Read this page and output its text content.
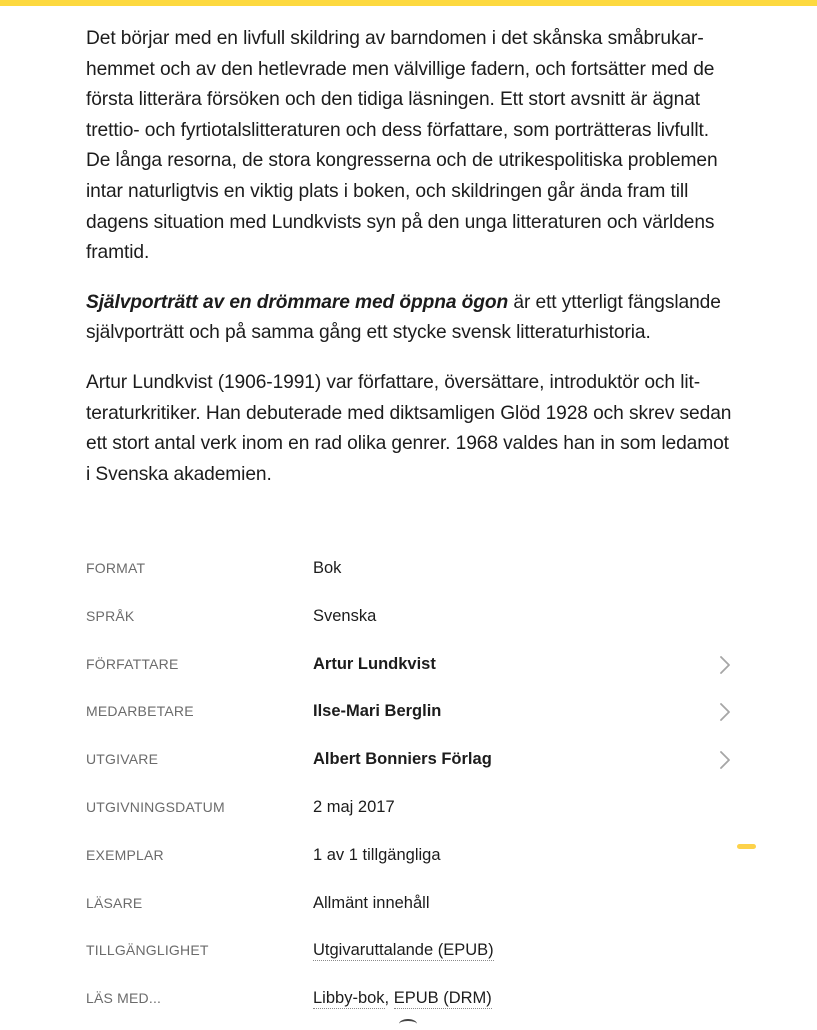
Det börjar med en livfull skildring av barndomen i det skånska småbrukarhemmet och av den hetlevrade men välvillige fadern, och fortsätter med de första litterära försöken och den tidiga läsningen. Ett stort avsnitt är ägnat trettio- och fyrtiotalslitteraturen och dess författare, som porträtteras livfullt. De långa resorna, de stora kongresserna och de utrikespolitiska problemen intar naturligtvis en viktig plats i boken, och skildringen går ända fram till dagens situation med Lundkvists syn på den unga litteraturen och världens framtid.

Självporträtt av en drömmare med öppna ögon är ett ytterligt fängslande självporträtt och på samma gång ett stycke svensk litteraturhistoria.

Artur Lundkvist (1906-1991) var författare, översättare, introduktör och litteraturkritiker. Han debuterade med diktsamligen Glöd 1928 och skrev sedan ett stort antal verk inom en rad olika genrer. 1968 valdes han in som ledamot i Svenska akademien.

FORMAT	Bok
SPRÅK	Svenska
FÖRFATTARE	Artur Lundkvist
MEDARBETARE	Ilse-Mari Berglin
UTGIVARE	Albert Bonniers Förlag
UTGIVNINGSDATUM	2 maj 2017
EXEMPLAR	1 av 1 tillgängliga
LÄSARE	Allmänt innehåll
TILLGÄNGLIGHET	Utgivaruttalande (EPUB)
LÄS MED...	Libby-bok, EPUB (DRM)
